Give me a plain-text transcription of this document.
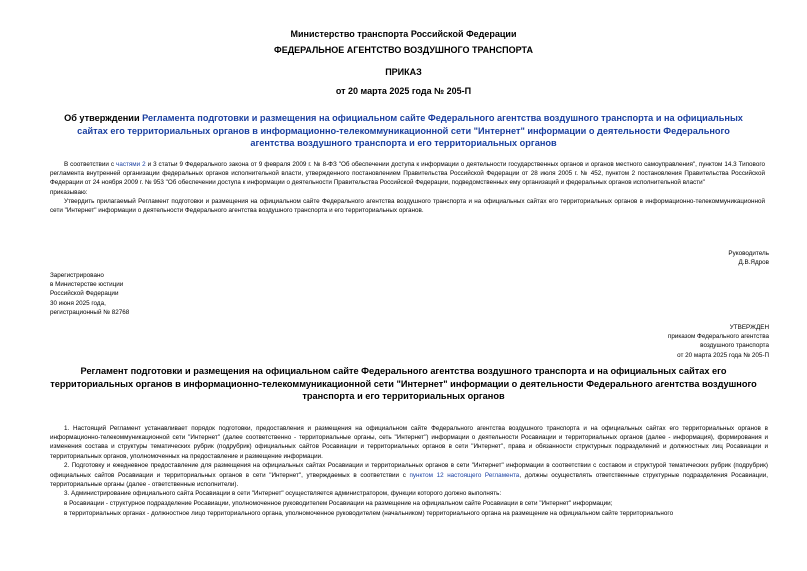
Министерство транспорта Российской Федерации
ФЕДЕРАЛЬНОЕ АГЕНТСТВО ВОЗДУШНОГО ТРАНСПОРТА
ПРИКАЗ
от 20 марта 2025 года № 205-П
Об утверждении Регламента подготовки и размещения на официальном сайте Федерального агентства воздушного транспорта и на официальных сайтах его территориальных органов в информационно-телекоммуникационной сети "Интернет" информации о деятельности Федерального агентства воздушного транспорта и его территориальных органов

В соответствии с частями 2 и 3 статьи 9 Федерального закона от 9 февраля 2009 г. № 8-ФЗ "Об обеспечении доступа к информации о деятельности государственных органов и органов местного самоуправления", пунктом 14.3 Типового регламента внутренней организации федеральных органов исполнительной власти, утвержденного постановлением Правительства Российской Федерации от 28 июля 2005 г. № 452, пунктом 2 постановления Правительства Российской Федерации от 24 ноября 2009 г. № 953 "Об обеспечении доступа к информации о деятельности Правительства Российской Федерации, подведомственных ему организаций и федеральных органов исполнительной власти"

приказываю:

Утвердить прилагаемый Регламент подготовки и размещения на официальном сайте Федерального агентства воздушного транспорта и на официальных сайтах его территориальных органов в информационно-телекоммуникационной сети "Интернет" информации о деятельности Федерального агентства воздушного транспорта и его территориальных органов.

Руководитель
Д.В.Ядров
Зарегистрировано
в Министерстве юстиции
Российской Федерации
30 июня 2025 года,
регистрационный № 82768
УТВЕРЖДЕН
приказом Федерального агентства
воздушного транспорта
от 20 марта 2025 года № 205-П
Регламент подготовки и размещения на официальном сайте Федерального агентства воздушного транспорта и на официальных сайтах его территориальных органов в информационно-телекоммуникационной сети "Интернет" информации о деятельности Федерального агентства воздушного транспорта и его территориальных органов

1. Настоящий Регламент устанавливает порядок подготовки, предоставления и размещения на официальном сайте Федерального агентства воздушного транспорта и на официальных сайтах его территориальных органов в информационно-телекоммуникационной сети "Интернет" (далее соответственно - территориальные органы, сеть "Интернет") информации о деятельности Росавиации и территориальных органов (далее - информация), формирования и изменения состава и структуры тематических рубрик (подрубрик) официальных сайтов Росавиации и территориальных органов в сети "Интернет", права и обязанности структурных подразделений и должностных лиц Росавиации и территориальных органов, уполномоченных на предоставление и размещение информации.

2. Подготовку и ежедневное предоставление для размещения на официальных сайтах Росавиации и территориальных органов в сети "Интернет" информации в соответствии с составом и структурой тематических рубрик (подрубрик) официальных сайтов Росавиации и территориальных органов в сети "Интернет", утверждаемых в соответствии с пунктом 12 настоящего Регламента, должны осуществлять ответственные структурные подразделения Росавиации, территориальные органы (далее - ответственные исполнители).

3. Администрирование официального сайта Росавиации в сети "Интернет" осуществляется администратором, функции которого должно выполнять:

в Росавиации - структурное подразделение Росавиации, уполномоченное руководителем Росавиации на размещение на официальном сайте Росавиации в сети "Интернет" информации;

в территориальных органах - должностное лицо территориального органа, уполномоченное руководителем (начальником) территориального органа на размещение на официальном сайте территориального
